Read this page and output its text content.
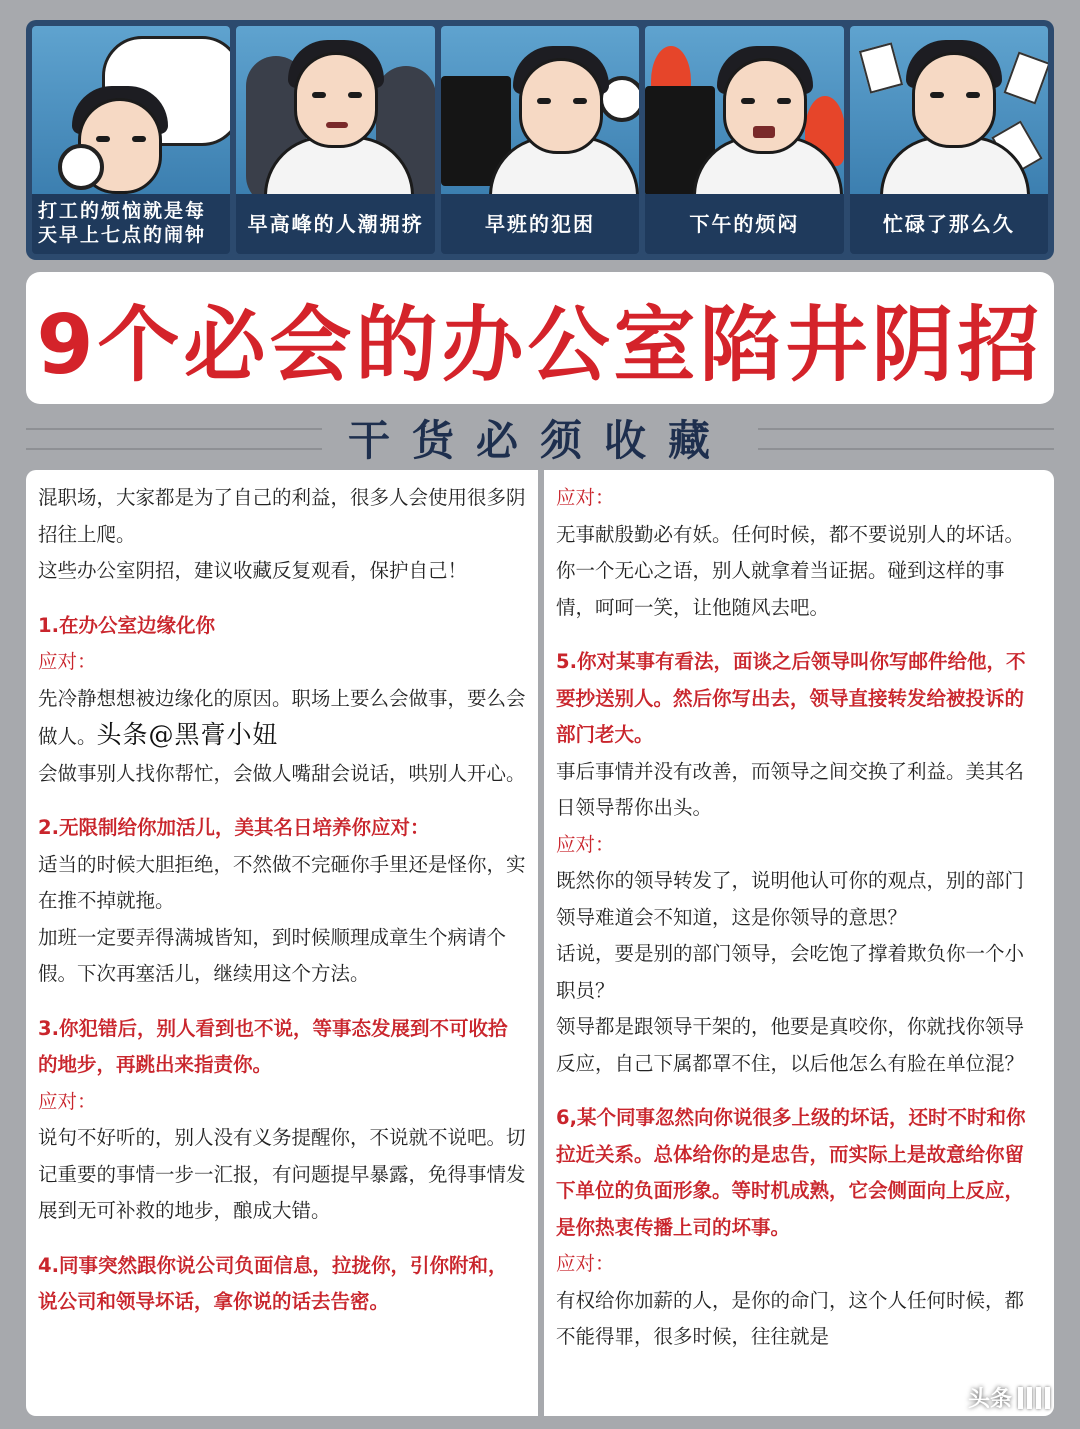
打工的烦恼就是每
天早上七点的闹钟	早高峰的人潮拥挤	早班的犯困	下午的烦闷	忙碌了那么久
9个必会的办公室陷井阴招
干货必须收藏
混职场，大家都是为了自己的利益，很多人会使用很多阴招往上爬。
这些办公室阴招，建议收藏反复观看，保护自己！
1.在办公室边缘化你
应对：
先冷静想想被边缘化的原因。职场上要么会做事，要么会做人。头条@黑膏小妞
会做事别人找你帮忙，会做人嘴甜会说话，哄别人开心。
2.无限制给你加活儿，美其名日培养你应对：
适当的时候大胆拒绝，不然做不完砸你手里还是怪你，实在推不掉就拖。
加班一定要弄得满城皆知，到时候顺理成章生个病请个假。下次再塞活儿，继续用这个方法。
3.你犯错后，别人看到也不说，等事态发展到不可收拾的地步，再跳出来指责你。
应对：
说句不好听的，别人没有义务提醒你，不说就不说吧。切记重要的事情一步一汇报，有问题提早暴露，免得事情发展到无可补救的地步，酿成大错。
4.同事突然跟你说公司负面信息，拉拢你，引你附和，说公司和领导坏话，拿你说的话去告密。
应对：
无事献殷勤必有妖。任何时候，都不要说别人的坏话。你一个无心之语，别人就拿着当证据。碰到这样的事情，呵呵一笑，让他随风去吧。
5.你对某事有看法，面谈之后领导叫你写邮件给他，不要抄送别人。然后你写出去，领导直接转发给被投诉的部门老大。
事后事情并没有改善，而领导之间交换了利益。美其名日领导帮你出头。
应对：
既然你的领导转发了，说明他认可你的观点，别的部门领导难道会不知道，这是你领导的意思？
话说，要是别的部门领导，会吃饱了撑着欺负你一个小职员？
领导都是跟领导干架的，他要是真咬你，你就找你领导反应，自己下属都罩不住，以后他怎么有脸在单位混？
6,某个同事忽然向你说很多上级的坏话，还时不时和你拉近关系。总体给你的是忠告，而实际上是故意给你留下单位的负面形象。等时机成熟，它会侧面向上反应，是你热衷传播上司的坏事。
应对：
有权给你加薪的人，是你的命门，这个人任何时候，都不能得罪，很多时候，往往就是
头条
